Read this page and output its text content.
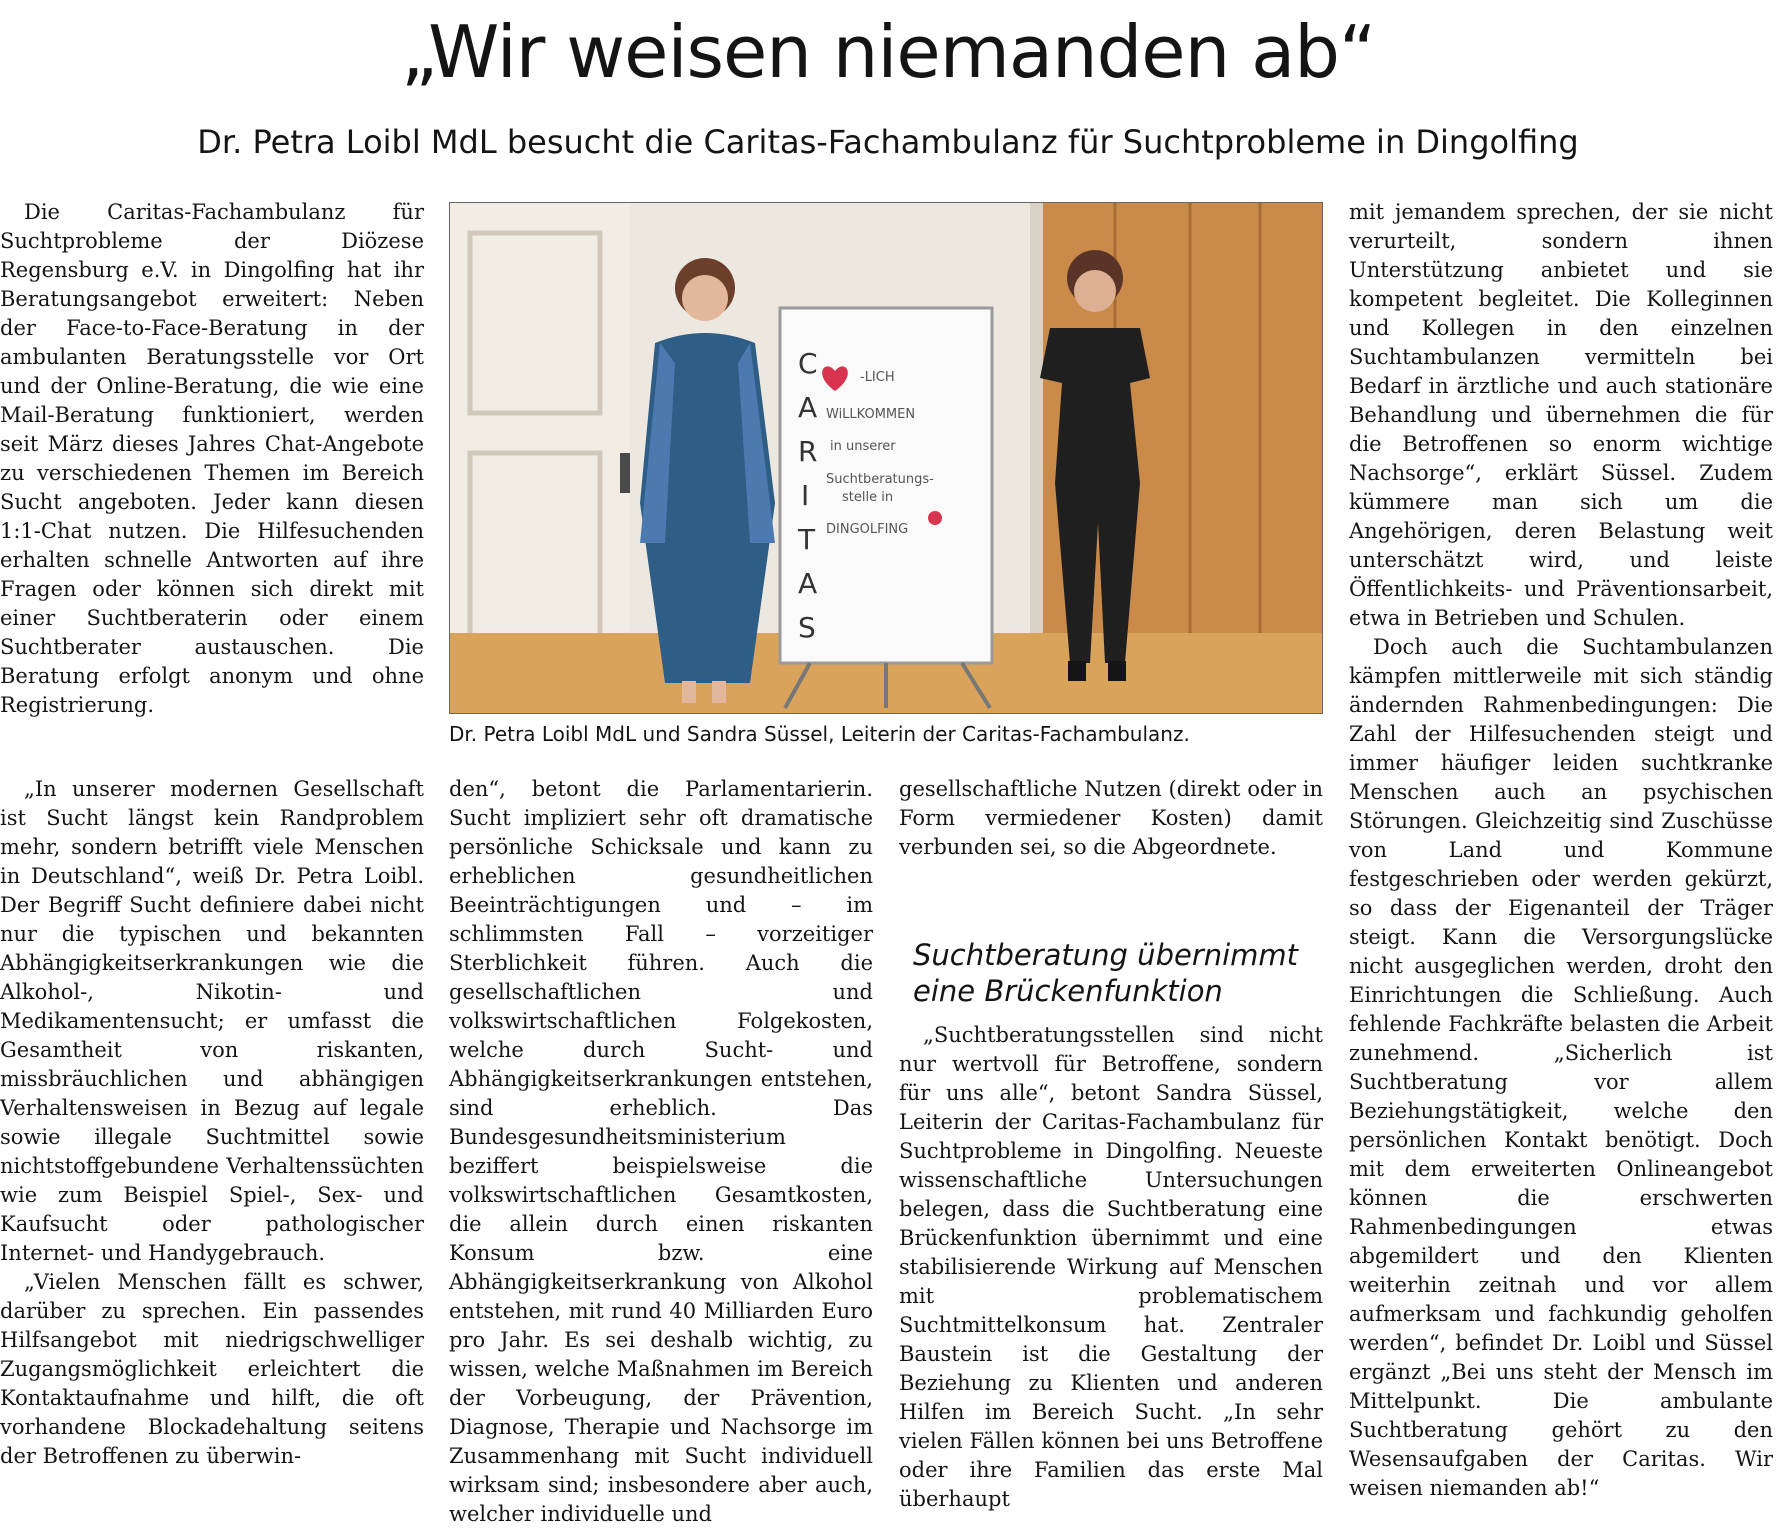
„Wir weisen niemanden ab“
Dr. Petra Loibl MdL besucht die Caritas-Fachambulanz für Suchtprobleme in Dingolfing

Die Caritas-Fachambulanz für Suchtprobleme der Diözese Regensburg e.V. in Dingolfing hat ihr Beratungsangebot erweitert: Neben der Face-to-Face-Beratung in der ambulanten Beratungsstelle vor Ort und der Online-Beratung, die wie eine Mail-Beratung funktioniert, werden seit März dieses Jahres Chat-Angebote zu verschiedenen Themen im Bereich Sucht angeboten. Jeder kann diesen 1:1-Chat nutzen. Die Hilfesuchenden erhalten schnelle Antworten auf ihre Fragen oder können sich direkt mit einer Suchtberaterin oder einem Suchtberater austauschen. Die Beratung erfolgt anonym und ohne Registrierung.

C
A
R
I
T
A
S
-LICH
WiLLKOMMEN
in unserer
Suchtberatungs-
stelle in
DINGOLFING
Dr. Petra Loibl MdL und Sandra Süssel, Leiterin der Caritas-Fachambulanz.

„In unserer modernen Gesellschaft ist Sucht längst kein Randproblem mehr, sondern betrifft viele Menschen in Deutschland“, weiß Dr. Petra Loibl. Der Begriff Sucht definiere dabei nicht nur die typischen und bekannten Abhängigkeitserkrankungen wie die Alkohol-, Nikotin- und Medikamentensucht; er umfasst die Gesamtheit von riskanten, missbräuchlichen und abhängigen Verhaltensweisen in Bezug auf legale sowie illegale Suchtmittel sowie nichtstoffgebundene Verhaltenssüchten wie zum Beispiel Spiel-, Sex- und Kaufsucht oder pathologischer Internet- und Handygebrauch.

„Vielen Menschen fällt es schwer, darüber zu sprechen. Ein passendes Hilfsangebot mit niedrigschwelliger Zugangsmöglichkeit erleichtert die Kontaktaufnahme und hilft, die oft vorhandene Blockadehaltung seitens der Betroffenen zu überwin-

den“, betont die Parlamentarierin. Sucht impliziert sehr oft dramatische persönliche Schicksale und kann zu erheblichen gesundheitlichen Beeinträchtigungen und – im schlimmsten Fall – vorzeitiger Sterblichkeit führen. Auch die gesellschaftlichen und volkswirtschaftlichen Folgekosten, welche durch Sucht- und Abhängigkeitserkrankungen entstehen, sind erheblich. Das Bundesgesundheitsministerium beziffert beispielsweise die volkswirtschaftlichen Gesamtkosten, die allein durch einen riskanten Konsum bzw. eine Abhängigkeitserkrankung von Alkohol entstehen, mit rund 40 Milliarden Euro pro Jahr. Es sei deshalb wichtig, zu wissen, welche Maßnahmen im Bereich der Vorbeugung, der Prävention, Diagnose, Therapie und Nachsorge im Zusammenhang mit Sucht individuell wirksam sind; insbesondere aber auch, welcher individuelle und

gesellschaftliche Nutzen (direkt oder in Form vermiedener Kosten) damit verbunden sei, so die Abgeordnete.

Suchtberatung übernimmt eine Brückenfunktion

„Suchtberatungsstellen sind nicht nur wertvoll für Betroffene, sondern für uns alle“, betont Sandra Süssel, Leiterin der Caritas-Fachambulanz für Suchtprobleme in Dingolfing. Neueste wissenschaftliche Untersuchungen belegen, dass die Suchtberatung eine Brückenfunktion übernimmt und eine stabilisierende Wirkung auf Menschen mit problematischem Suchtmittelkonsum hat. Zentraler Baustein ist die Gestaltung der Beziehung zu Klienten und anderen Hilfen im Bereich Sucht. „In sehr vielen Fällen können bei uns Betroffene oder ihre Familien das erste Mal überhaupt

mit jemandem sprechen, der sie nicht verurteilt, sondern ihnen Unterstützung anbietet und sie kompetent begleitet. Die Kolleginnen und Kollegen in den einzelnen Suchtambulanzen vermitteln bei Bedarf in ärztliche und auch stationäre Behandlung und übernehmen die für die Betroffenen so enorm wichtige Nachsorge“, erklärt Süssel. Zudem kümmere man sich um die Angehörigen, deren Belastung weit unterschätzt wird, und leiste Öffentlichkeits- und Präventionsarbeit, etwa in Betrieben und Schulen.

Doch auch die Suchtambulanzen kämpfen mittlerweile mit sich ständig ändernden Rahmenbedingungen: Die Zahl der Hilfesuchenden steigt und immer häufiger leiden suchtkranke Menschen auch an psychischen Störungen. Gleichzeitig sind Zuschüsse von Land und Kommune festgeschrieben oder werden gekürzt, so dass der Eigenanteil der Träger steigt. Kann die Versorgungslücke nicht ausgeglichen werden, droht den Einrichtungen die Schließung. Auch fehlende Fachkräfte belasten die Arbeit zunehmend. „Sicherlich ist Suchtberatung vor allem Beziehungstätigkeit, welche den persönlichen Kontakt benötigt. Doch mit dem erweiterten Onlineangebot können die erschwerten Rahmenbedingungen etwas abgemildert und den Klienten weiterhin zeitnah und vor allem aufmerksam und fachkundig geholfen werden“, befindet Dr. Loibl und Süssel ergänzt „Bei uns steht der Mensch im Mittelpunkt. Die ambulante Suchtberatung gehört zu den Wesensaufgaben der Caritas. Wir weisen niemanden ab!“
